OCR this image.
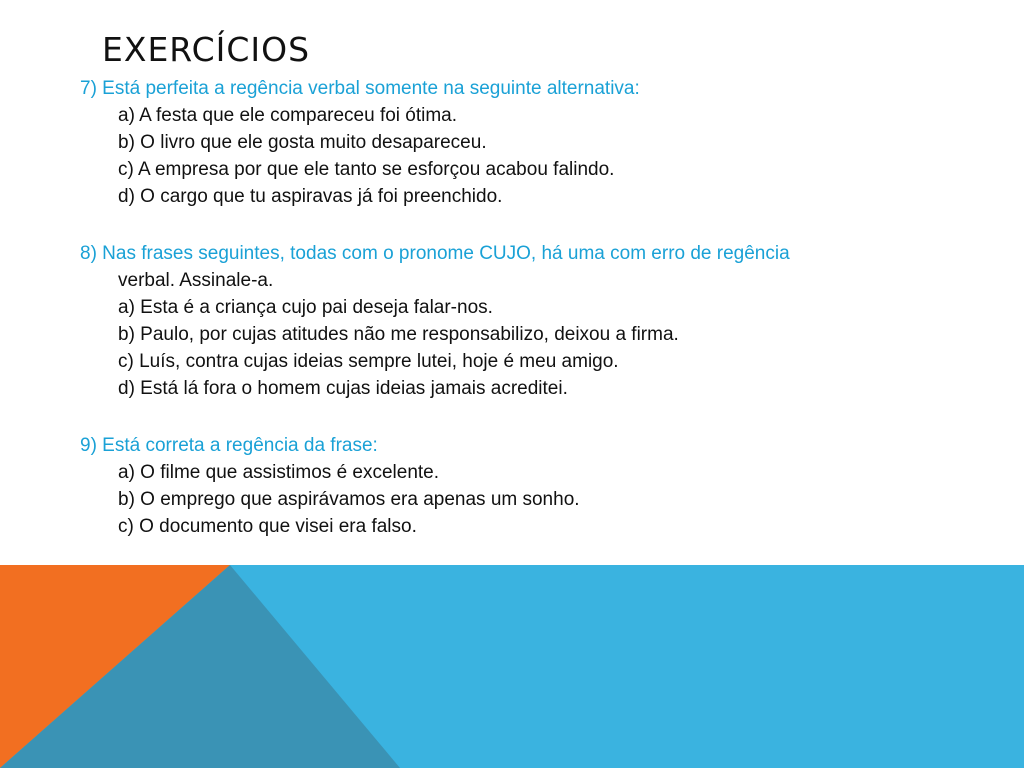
EXERCÍCIOS

7) Está perfeita a regência verbal somente na seguinte alternativa:

a) A festa que ele compareceu foi ótima.

b) O livro que ele gosta muito desapareceu.

c) A empresa por que ele tanto se esforçou acabou falindo.

d) O cargo que tu aspiravas já foi preenchido.

8) Nas frases seguintes, todas com o pronome CUJO, há uma com erro de regência

verbal. Assinale-a.

a) Esta é a criança cujo pai deseja falar-nos.

b) Paulo, por cujas atitudes não me responsabilizo, deixou a firma.

c) Luís, contra cujas ideias sempre lutei, hoje é meu amigo.

d) Está lá fora o homem cujas ideias jamais acreditei.

9) Está correta a regência da frase:

a) O filme que assistimos é excelente.

b) O emprego que aspirávamos era apenas um sonho.

c) O documento que visei era falso.
